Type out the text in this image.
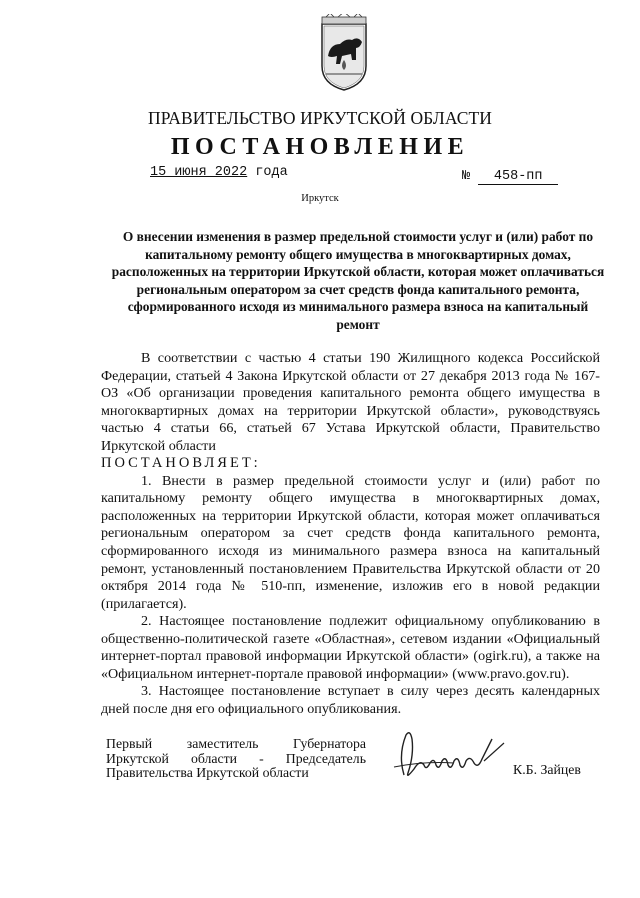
ПРАВИТЕЛЬСТВО ИРКУТСКОЙ ОБЛАСТИ
ПОСТАНОВЛЕНИЕ
15 июня 2022 года	№ 458-пп
Иркутск
О внесении изменения в размер предельной стоимости услуг и (или) работ по капитальному ремонту общего имущества в многоквартирных домах, расположенных на территории Иркутской области, которая может оплачиваться региональным оператором за счет средств фонда капитального ремонта, сформированного исходя из минимального размера взноса на капитальный ремонт

В соответствии с частью 4 статьи 190 Жилищного кодекса Российской Федерации, статьей 4 Закона Иркутской области от 27 декабря 2013 года № 167-ОЗ «Об организации проведения капитального ремонта общего имущества в многоквартирных домах на территории Иркутской области», руководствуясь частью 4 статьи 66, статьей 67 Устава Иркутской области, Правительство Иркутской области

ПОСТАНОВЛЯЕТ:

1. Внести в размер предельной стоимости услуг и (или) работ по капитальному ремонту общего имущества в многоквартирных домах, расположенных на территории Иркутской области, которая может оплачиваться региональным оператором за счет средств фонда капитального ремонта, сформированного исходя из минимального размера взноса на капитальный ремонт, установленный постановлением Правительства Иркутской области от 20 октября 2014 года № 510-пп, изменение, изложив его в новой редакции (прилагается).

2. Настоящее постановление подлежит официальному опубликованию в общественно-политической газете «Областная», сетевом издании «Официальный интернет-портал правовой информации Иркутской области» (ogirk.ru), а также на «Официальном интернет-портале правовой информации» (www.pravo.gov.ru).

3. Настоящее постановление вступает в силу через десять календарных дней после дня его официального опубликования.

Первый заместитель Губернатора
Иркутской области - Председатель
Правительства Иркутской области	К.Б. Зайцев
